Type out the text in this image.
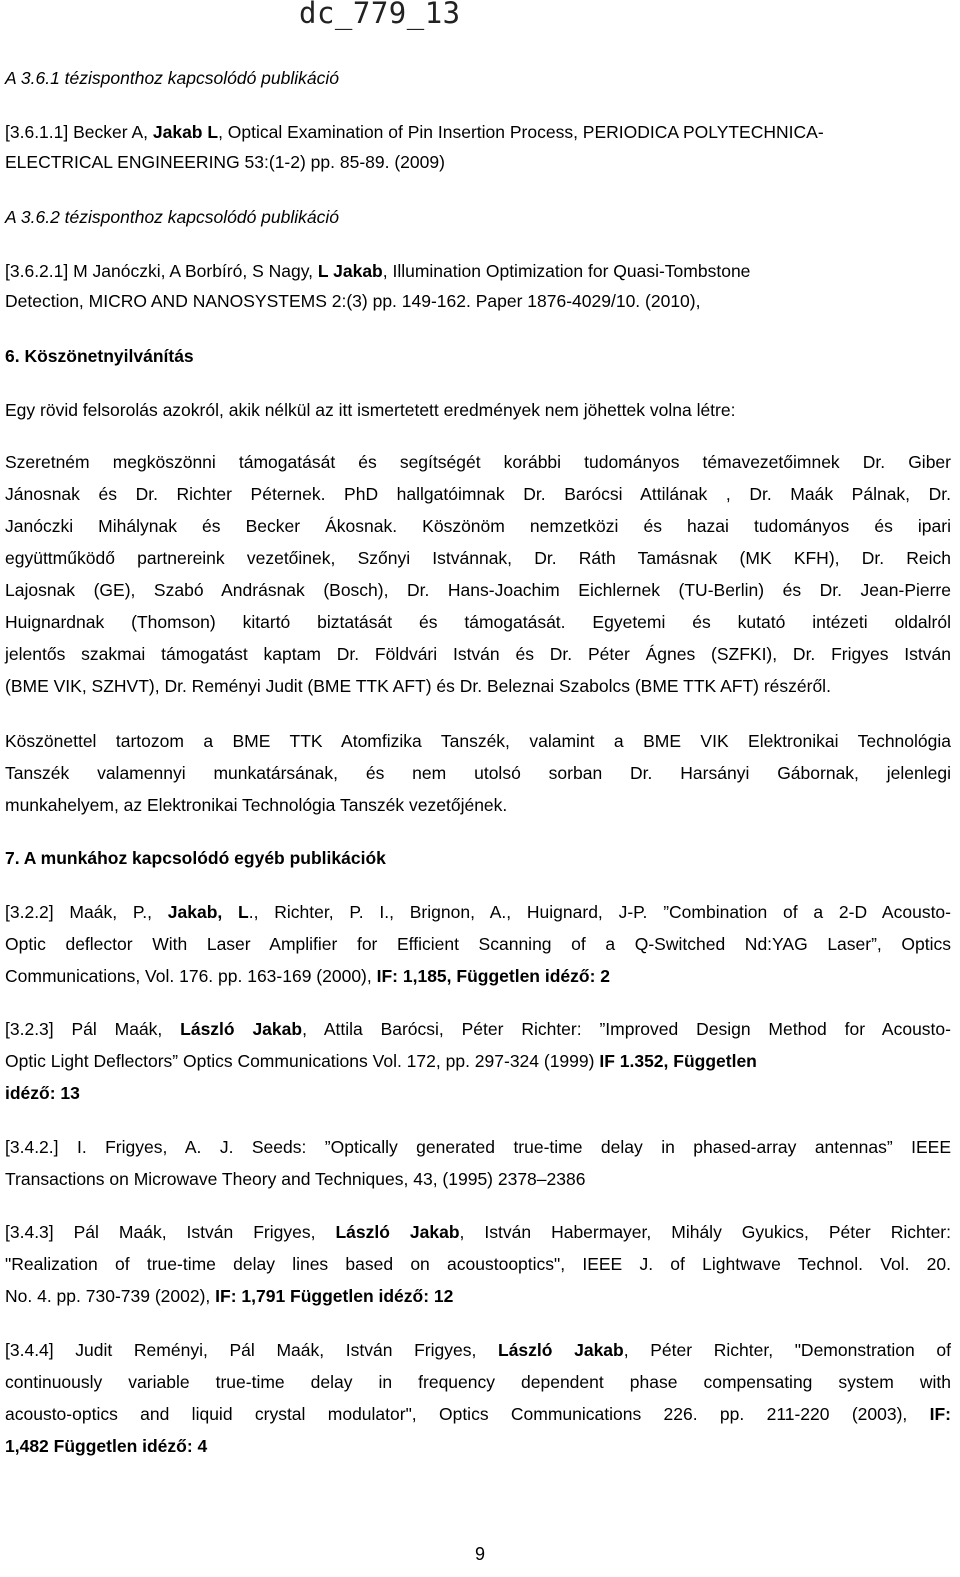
dc_779_13
A 3.6.1 tézisponthoz kapcsolódó publikáció
[3.6.1.1] Becker A, Jakab L, Optical Examination of Pin Insertion Process, PERIODICA POLYTECHNICA-
ELECTRICAL ENGINEERING 53:(1-2) pp. 85-89. (2009)
A 3.6.2 tézisponthoz kapcsolódó publikáció
[3.6.2.1] M Janóczki, A Borbíró, S Nagy, L Jakab, Illumination Optimization for Quasi-Tombstone
Detection, MICRO AND NANOSYSTEMS 2:(3) pp. 149-162. Paper 1876-4029/10. (2010),
6. Köszönetnyilvánítás
Egy rövid felsorolás azokról, akik nélkül az itt ismertetett eredmények nem jöhettek volna létre:
Szeretném megköszönni támogatását és segítségét korábbi tudományos témavezetőimnek Dr. Giber
Jánosnak és Dr. Richter Péternek. PhD hallgatóimnak Dr. Barócsi Attilának , Dr. Maák Pálnak, Dr.
Janóczki Mihálynak és Becker Ákosnak. Köszönöm nemzetközi és hazai tudományos és ipari
együttműködő partnereink vezetőinek, Szőnyi Istvánnak, Dr. Ráth Tamásnak (MK KFH), Dr. Reich
Lajosnak (GE), Szabó Andrásnak (Bosch), Dr. Hans-Joachim Eichlernek (TU-Berlin) és Dr. Jean-Pierre
Huignardnak (Thomson) kitartó biztatását és támogatását. Egyetemi és kutató intézeti oldalról
jelentős szakmai támogatást kaptam Dr. Földvári István és Dr. Péter Ágnes (SZFKI), Dr. Frigyes István
(BME VIK, SZHVT), Dr. Reményi Judit (BME TTK AFT) és Dr. Beleznai Szabolcs (BME TTK AFT) részéről.
Köszönettel tartozom a BME TTK Atomfizika Tanszék, valamint a BME VIK Elektronikai Technológia
Tanszék valamennyi munkatársának, és nem utolsó sorban Dr. Harsányi Gábornak, jelenlegi
munkahelyem, az Elektronikai Technológia Tanszék vezetőjének.
7. A munkához kapcsolódó egyéb publikációk
[3.2.2] Maák, P., Jakab, L., Richter, P. I., Brignon, A., Huignard, J-P. ”Combination of a 2-D Acousto-
Optic deflector With Laser Amplifier for Efficient Scanning of a Q-Switched Nd:YAG Laser”, Optics
Communications, Vol. 176. pp. 163-169 (2000), IF: 1,185, Független idéző: 2
[3.2.3] Pál Maák, László Jakab, Attila Barócsi, Péter Richter: ”Improved Design Method for Acousto-
Optic Light Deflectors” Optics Communications Vol. 172, pp. 297-324 (1999) IF 1.352, Független
idéző: 13
[3.4.2.] I. Frigyes, A. J. Seeds: ”Optically generated true-time delay in phased-array antennas” IEEE
Transactions on Microwave Theory and Techniques, 43, (1995) 2378–2386
[3.4.3] Pál Maák, István Frigyes, László Jakab, István Habermayer, Mihály Gyukics, Péter Richter:
"Realization of true-time delay lines based on acoustooptics", IEEE J. of Lightwave Technol. Vol. 20.
No. 4. pp. 730-739 (2002), IF: 1,791 Független idéző: 12
[3.4.4] Judit Reményi, Pál Maák, István Frigyes, László Jakab, Péter Richter, "Demonstration of
continuously variable true-time delay in frequency dependent phase compensating system with
acousto-optics and liquid crystal modulator", Optics Communications 226. pp. 211-220 (2003), IF:
1,482 Független idéző: 4
9
